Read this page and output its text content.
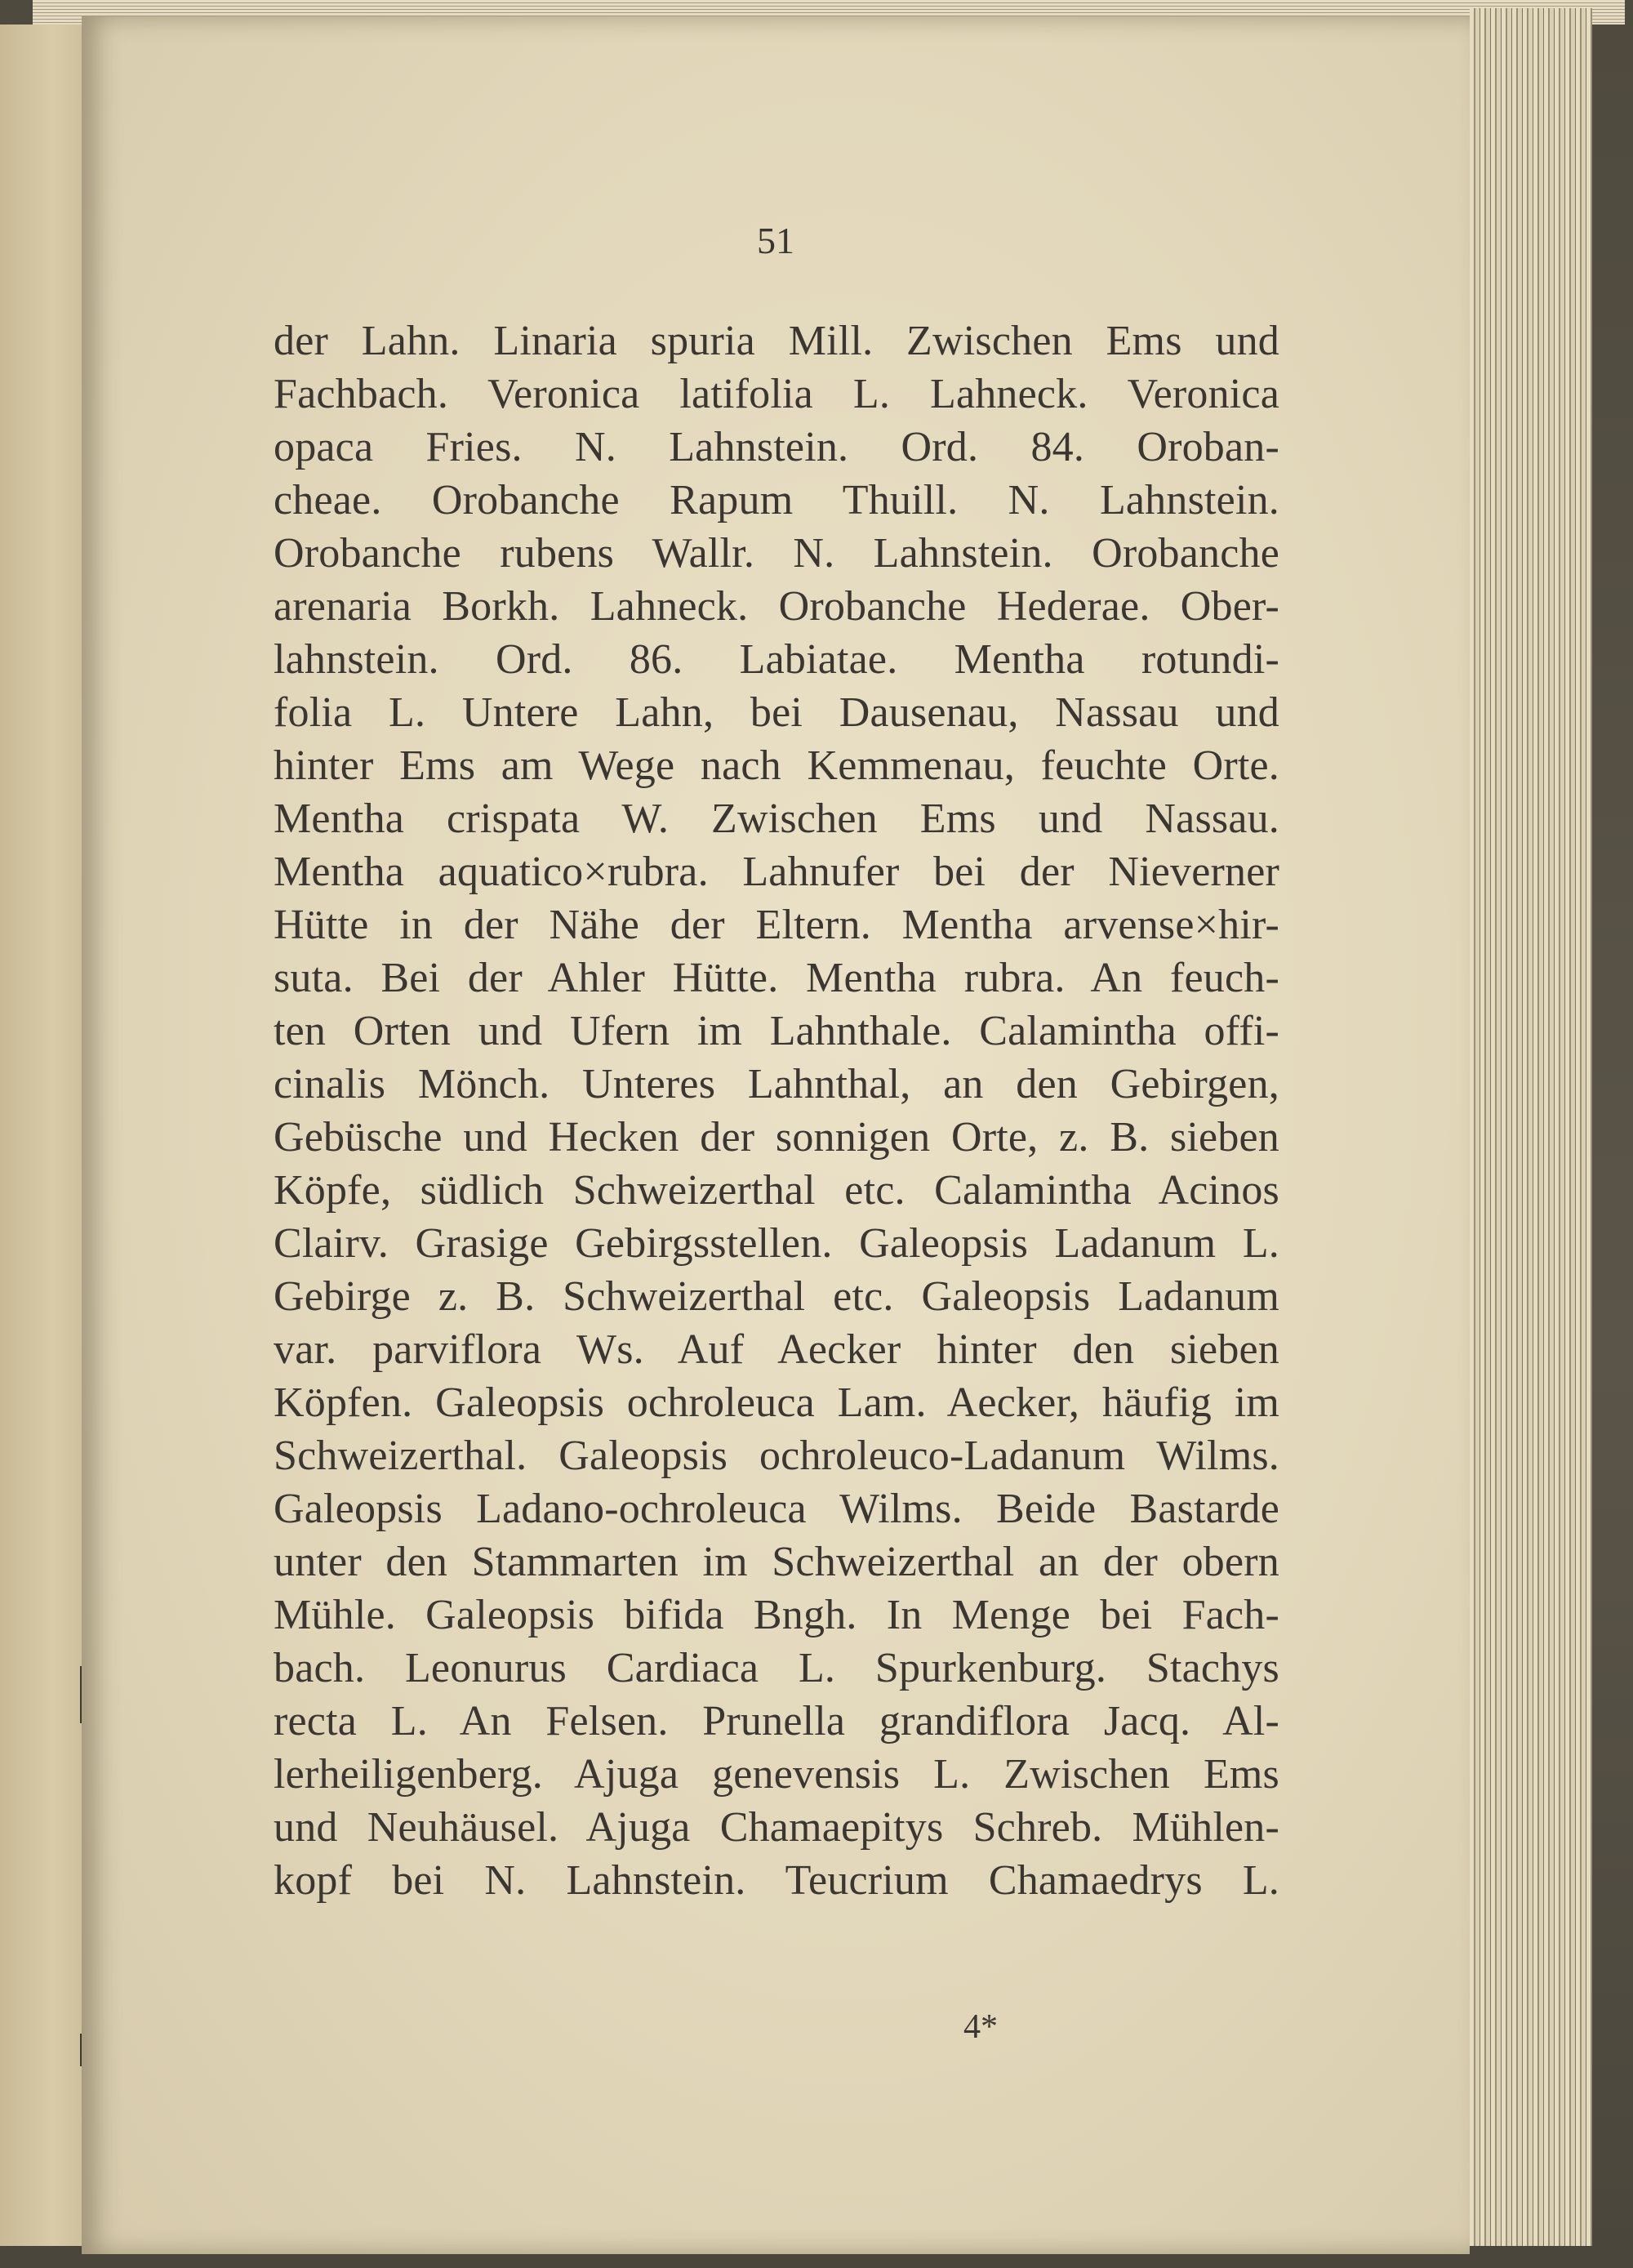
51
der Lahn. Linaria spuria Mill. Zwischen Ems und
Fachbach. Veronica latifolia L. Lahneck. Veronica
opaca Fries. N. Lahnstein. Ord. 84. Oroban-
cheae. Orobanche Rapum Thuill. N. Lahnstein.
Orobanche rubens Wallr. N. Lahnstein. Orobanche
arenaria Borkh. Lahneck. Orobanche Hederae. Ober-
lahnstein. Ord. 86. Labiatae. Mentha rotundi-
folia L. Untere Lahn, bei Dausenau, Nassau und
hinter Ems am Wege nach Kemmenau, feuchte Orte.
Mentha crispata W. Zwischen Ems und Nassau.
Mentha aquatico×rubra. Lahnufer bei der Nieverner
Hütte in der Nähe der Eltern. Mentha arvense×hir-
suta. Bei der Ahler Hütte. Mentha rubra. An feuch-
ten Orten und Ufern im Lahnthale. Calamintha offi-
cinalis Mönch. Unteres Lahnthal, an den Gebirgen,
Gebüsche und Hecken der sonnigen Orte, z. B. sieben
Köpfe, südlich Schweizerthal etc. Calamintha Acinos
Clairv. Grasige Gebirgsstellen. Galeopsis Ladanum L.
Gebirge z. B. Schweizerthal etc. Galeopsis Ladanum
var. parviflora Ws. Auf Aecker hinter den sieben
Köpfen. Galeopsis ochroleuca Lam. Aecker, häufig im
Schweizerthal. Galeopsis ochroleuco-Ladanum Wilms.
Galeopsis Ladano-ochroleuca Wilms. Beide Bastarde
unter den Stammarten im Schweizerthal an der obern
Mühle. Galeopsis bifida Bngh. In Menge bei Fach-
bach. Leonurus Cardiaca L. Spurkenburg. Stachys
recta L. An Felsen. Prunella grandiflora Jacq. Al-
lerheiligenberg. Ajuga genevensis L. Zwischen Ems
und Neuhäusel. Ajuga Chamaepitys Schreb. Mühlen-
kopf bei N. Lahnstein. Teucrium Chamaedrys L.
4*
